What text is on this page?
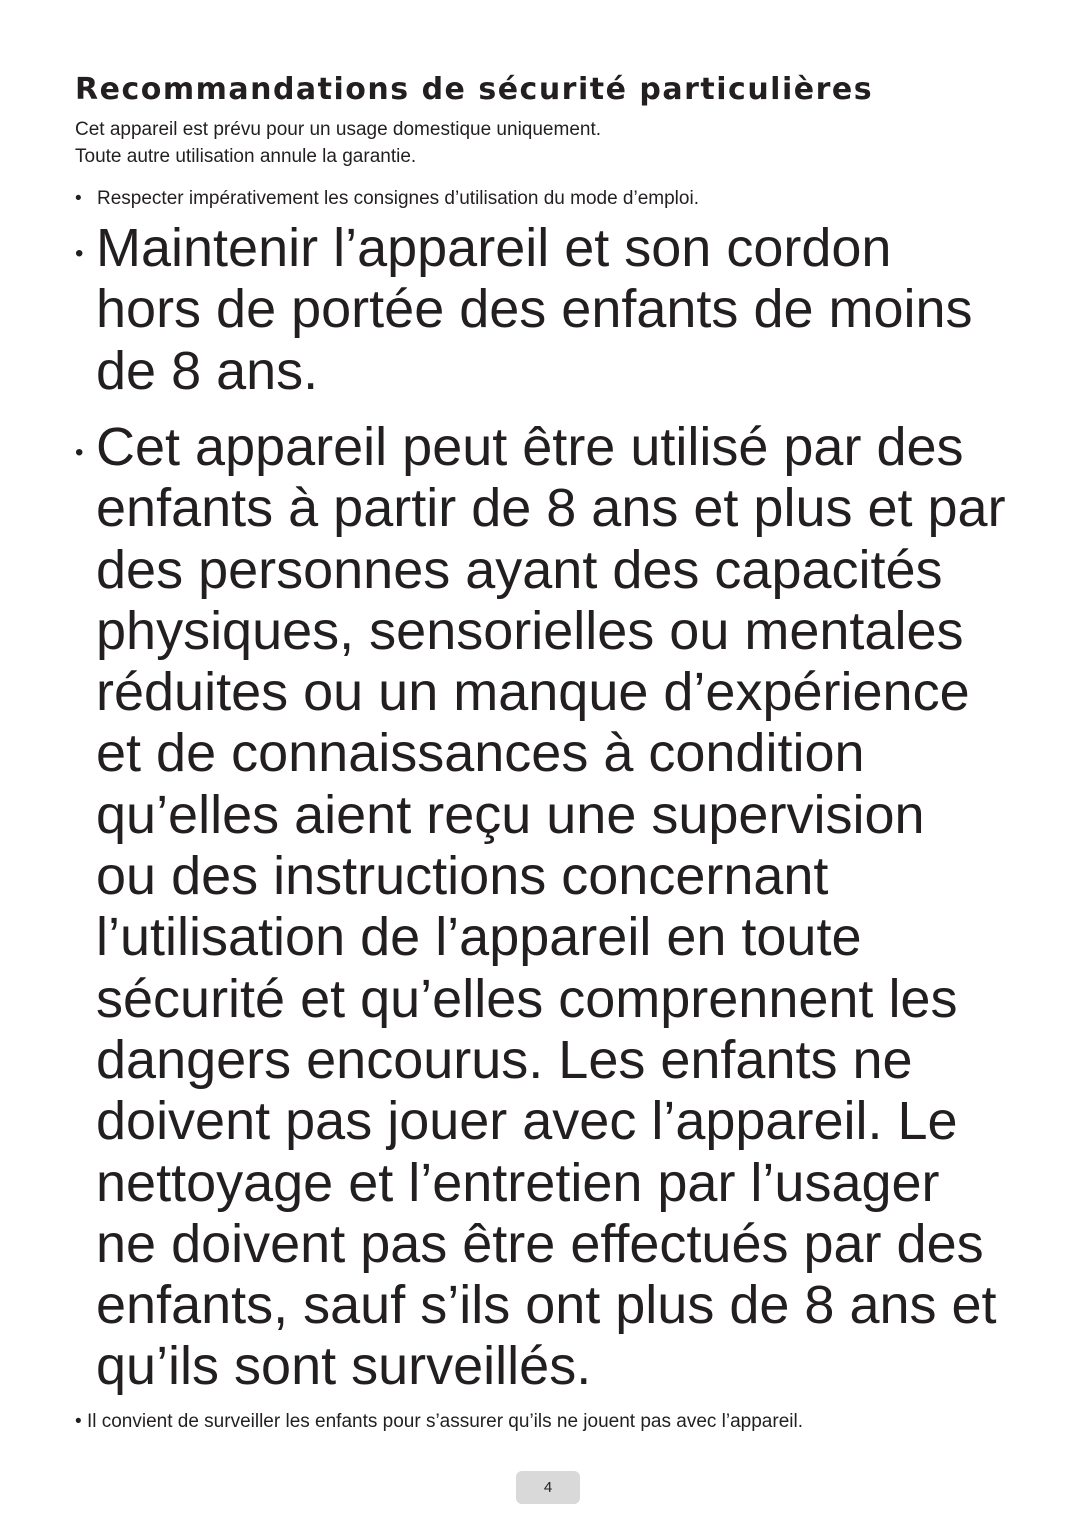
Recommandations de sécurité particulières
Cet appareil est prévu pour un usage domestique uniquement.
Toute autre utilisation annule la garantie.
• Respecter impérativement les consignes d’utilisation du mode d’emploi.
• Maintenir l’appareil et son cordon
hors de portée des enfants de moins
de 8 ans.
• Cet appareil peut être utilisé par des
enfants à partir de 8 ans et plus et par
des personnes ayant des capacités
physiques, sensorielles ou mentales
réduites ou un manque d’expérience
et de connaissances à condition
qu’elles aient reçu une supervision
ou des instructions concernant
l’utilisation de l’appareil en toute
sécurité et qu’elles comprennent les
dangers encourus. Les enfants ne
doivent pas jouer avec l’appareil. Le
nettoyage et l’entretien par l’usager
ne doivent pas être effectués par des
enfants, sauf s’ils ont plus de 8 ans et
qu’ils sont surveillés.
• Il convient de surveiller les enfants pour s’assurer qu’ils ne jouent pas avec l’appareil.
4
